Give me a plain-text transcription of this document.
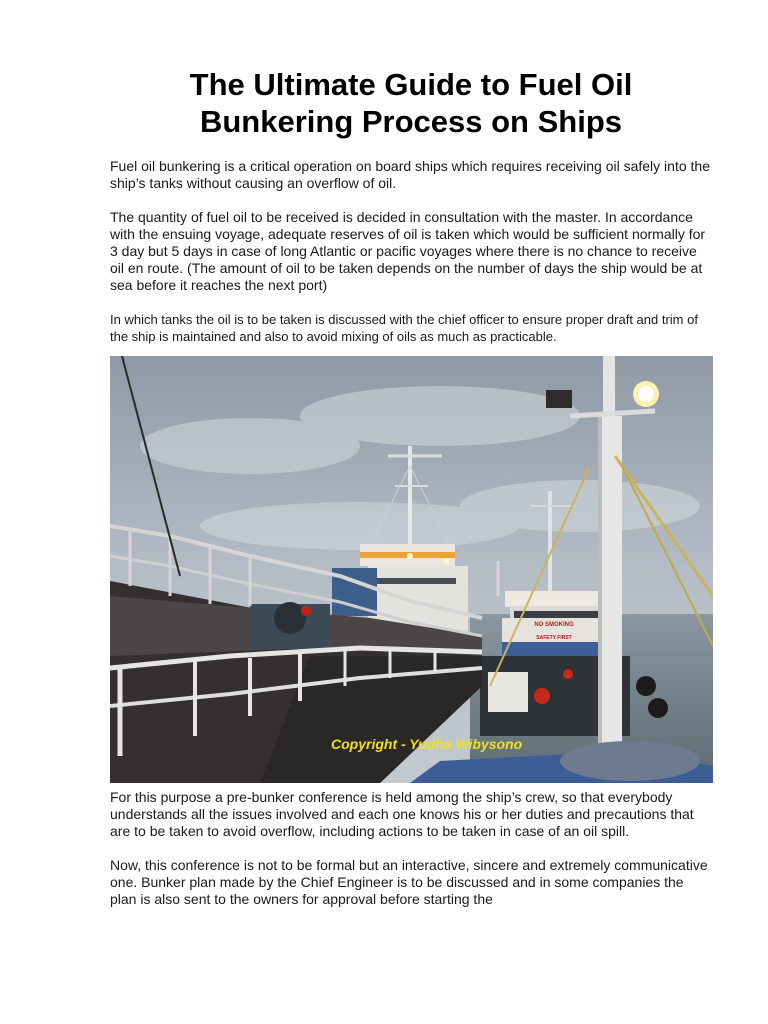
The Ultimate Guide to Fuel Oil
Bunkering Process on Ships

Fuel oil bunkering is a critical operation on board ships which requires receiving oil safely into the ship’s tanks without causing an overflow of oil.

The quantity of fuel oil to be received is decided in consultation with the master. In accordance with the ensuing voyage, adequate reserves of oil is taken which would be sufficient normally for 3 day but 5 days in case of long Atlantic or pacific voyages where there is no chance to receive oil en route. (The amount of oil to be taken depends on the number of days the ship would be at sea before it reaches the next port)

In which tanks the oil is to be taken is discussed with the chief officer to ensure proper draft and trim of the ship is maintained and also to avoid mixing of oils as much as practicable.

NO SMOKING
SAFETY FIRST
Copyright - Yudha Wibysono

For this purpose a pre-bunker conference is held among the ship’s crew, so that everybody understands all the issues involved and each one knows his or her duties and precautions that are to be taken to avoid overflow, including actions to be taken in case of an oil spill.

Now, this conference is not to be formal but an interactive, sincere and extremely communicative one. Bunker plan made by the Chief Engineer is to be discussed and in some companies the plan is also sent to the owners for approval before starting the
